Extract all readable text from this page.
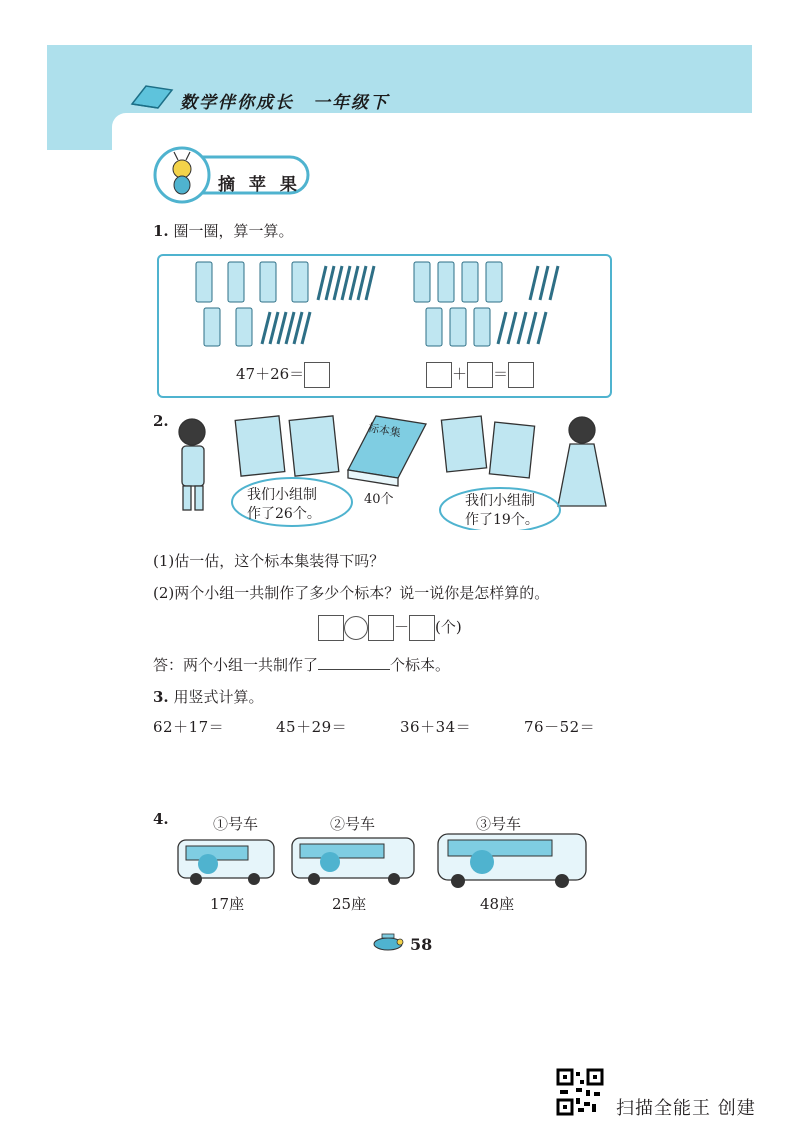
数学伴你成长　一年级下
摘 苹 果
1. 圈一圈，算一算。
47＋26＝	＋ ＝
2.
标本集
我们小组制
作了26个。
40个	我们小组制
作了19个。
(1)估一估，这个标本集装得下吗？
(2)两个小组一共制作了多少个标本？说一说你是怎样算的。
－ (个)
答：两个小组一共制作了	个标本。
3. 用竖式计算。
62＋17＝	45＋29＝	36＋34＝	76－52＝
4.	①号车	②号车	③号车
17座	25座	48座
58
扫描全能王 创建
